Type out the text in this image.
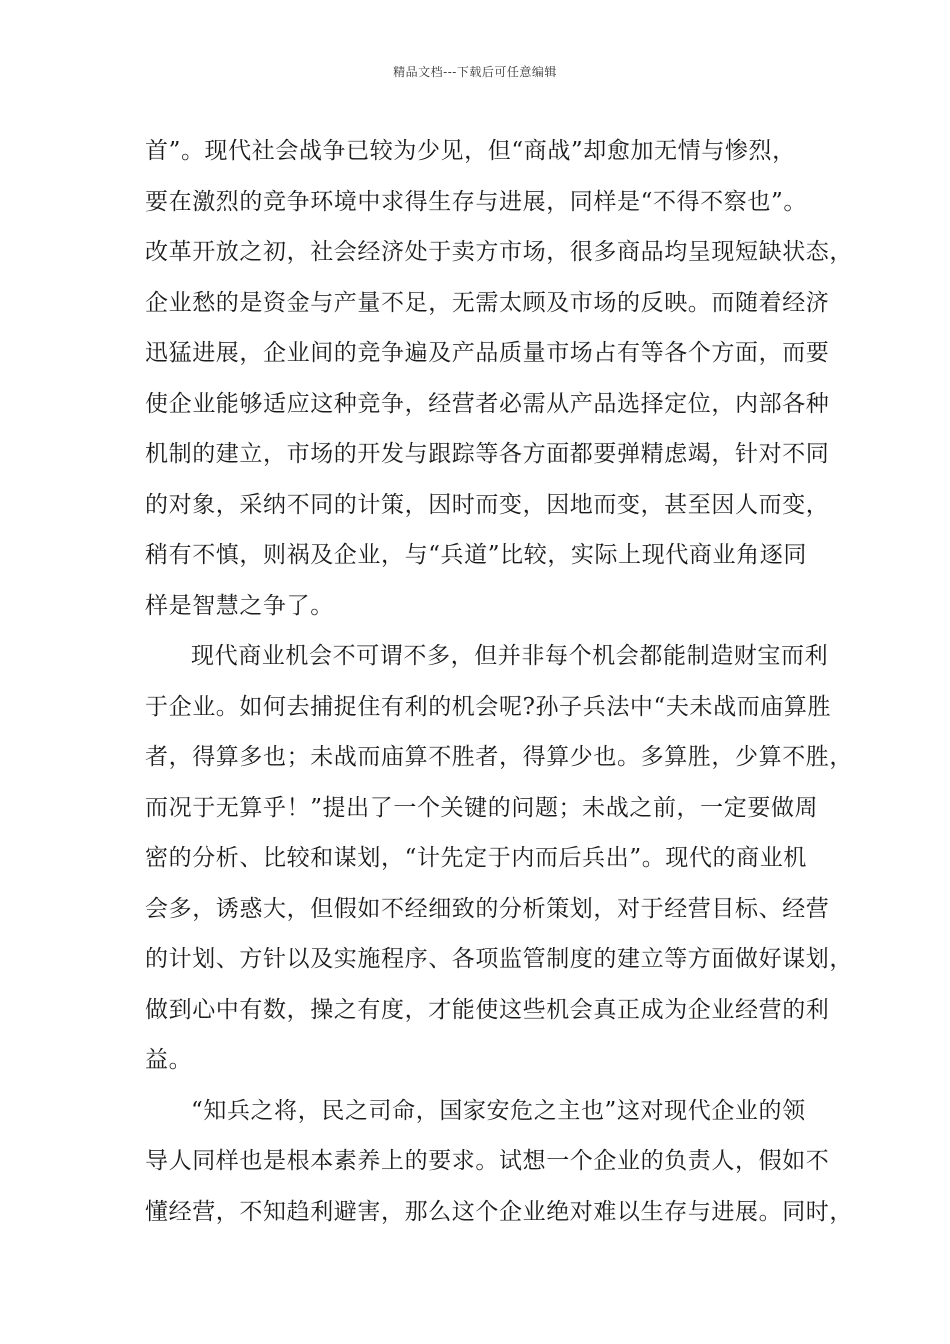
精品文档---下载后可任意编辑
首”。现代社会战争已较为少见，但“商战”却愈加无情与惨烈，
要在激烈的竞争环境中求得生存与进展，同样是“不得不察也”。
改革开放之初，社会经济处于卖方市场，很多商品均呈现短缺状态，
企业愁的是资金与产量不足，无需太顾及市场的反映。而随着经济
迅猛进展，企业间的竞争遍及产品质量市场占有等各个方面，而要
使企业能够适应这种竞争，经营者必需从产品选择定位，内部各种
机制的建立，市场的开发与跟踪等各方面都要弹精虑竭，针对不同
的对象，采纳不同的计策，因时而变，因地而变，甚至因人而变，
稍有不慎，则祸及企业，与“兵道”比较，实际上现代商业角逐同
样是智慧之争了。
现代商业机会不可谓不多，但并非每个机会都能制造财宝而利
于企业。如何去捕捉住有利的机会呢?孙子兵法中“夫未战而庙算胜
者，得算多也；未战而庙算不胜者，得算少也。多算胜，少算不胜，
而况于无算乎！”提出了一个关键的问题；未战之前，一定要做周
密的分析、比较和谋划，“计先定于内而后兵出”。现代的商业机
会多，诱惑大，但假如不经细致的分析策划，对于经营目标、经营
的计划、方针以及实施程序、各项监管制度的建立等方面做好谋划，
做到心中有数，操之有度，才能使这些机会真正成为企业经营的利
益。
“知兵之将，民之司命，国家安危之主也”这对现代企业的领
导人同样也是根本素养上的要求。试想一个企业的负责人，假如不
懂经营，不知趋利避害，那么这个企业绝对难以生存与进展。同时，
